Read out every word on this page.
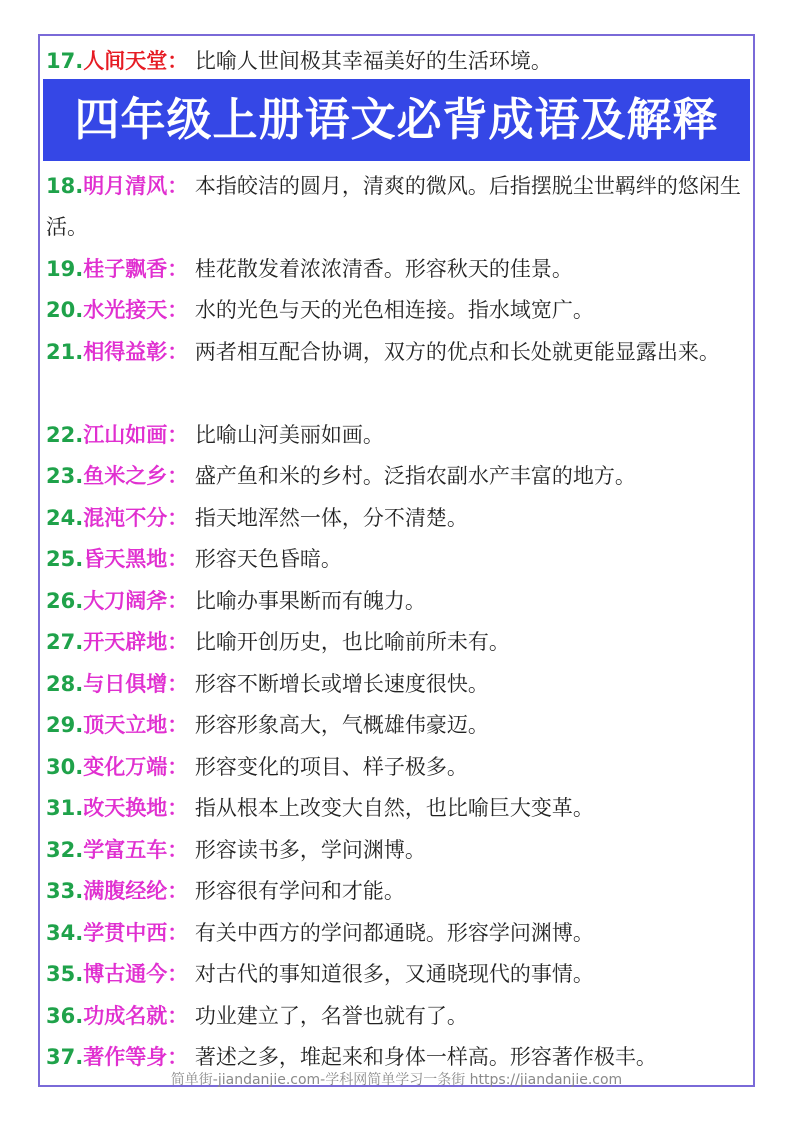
17.人间天堂： 比喻人世间极其幸福美好的生活环境。
四年级上册语文必背成语及解释
18.明月清风： 本指皎洁的圆月，清爽的微风。后指摆脱尘世羁绊的悠闲生活。
19.桂子飘香： 桂花散发着浓浓清香。形容秋天的佳景。
20.水光接天： 水的光色与天的光色相连接。指水域宽广。
21.相得益彰： 两者相互配合协调，双方的优点和长处就更能显露出来。
22.江山如画： 比喻山河美丽如画。
23.鱼米之乡： 盛产鱼和米的乡村。泛指农副水产丰富的地方。
24.混沌不分： 指天地浑然一体，分不清楚。
25.昏天黑地： 形容天色昏暗。
26.大刀阔斧： 比喻办事果断而有魄力。
27.开天辟地： 比喻开创历史，也比喻前所未有。
28.与日俱增： 形容不断增长或增长速度很快。
29.顶天立地： 形容形象高大，气概雄伟豪迈。
30.变化万端： 形容变化的项目、样子极多。
31.改天换地： 指从根本上改变大自然，也比喻巨大变革。
32.学富五车： 形容读书多，学问渊博。
33.满腹经纶： 形容很有学问和才能。
34.学贯中西： 有关中西方的学问都通晓。形容学问渊博。
35.博古通今： 对古代的事知道很多，又通晓现代的事情。
36.功成名就： 功业建立了，名誉也就有了。
37.著作等身： 著述之多，堆起来和身体一样高。形容著作极丰。
简单街-jiandanjie.com-学科网简单学习一条街 https://jiandanjie.com
